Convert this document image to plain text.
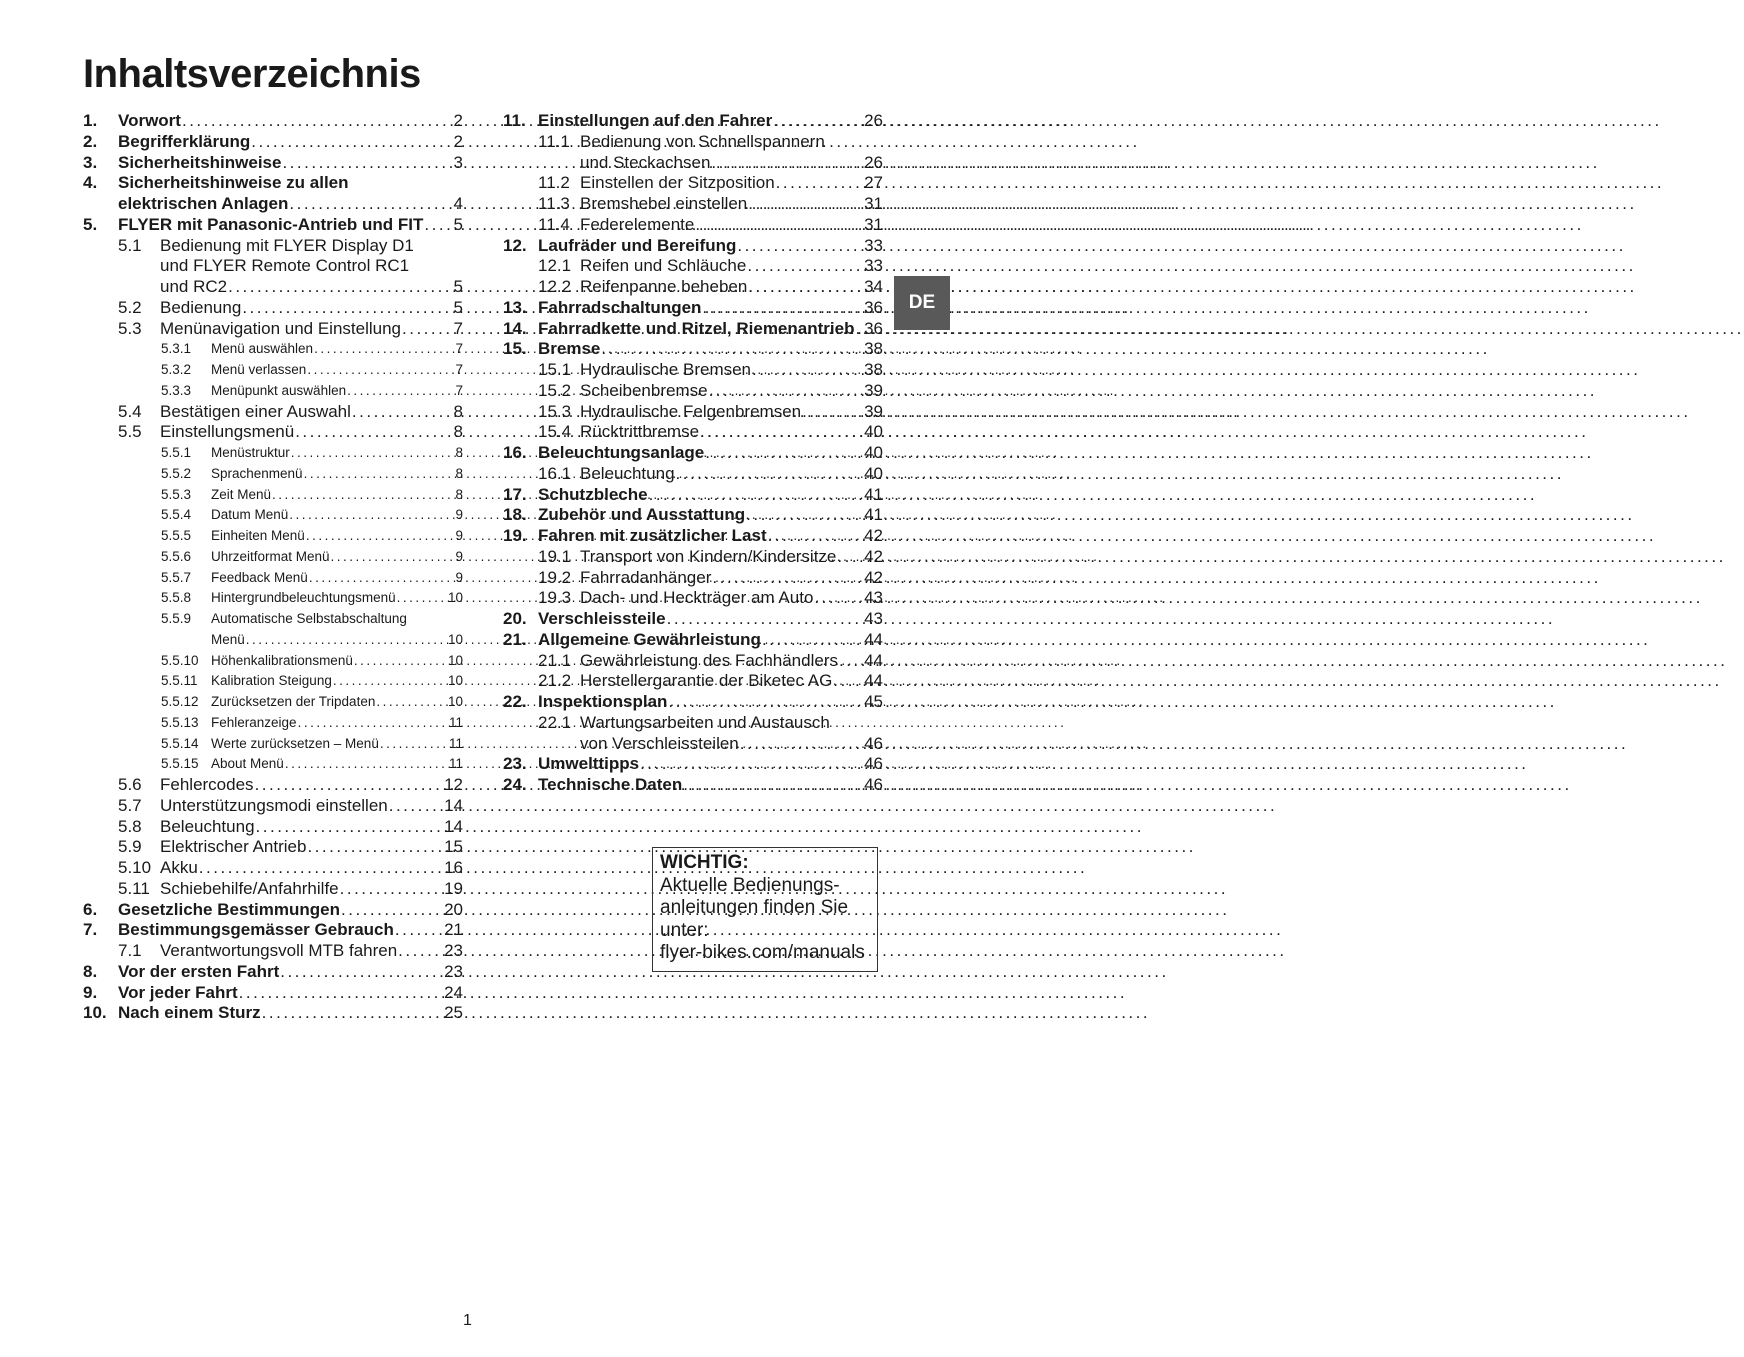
Inhaltsverzeichnis
1.	Vorwort .....	2
2.	Begrifferklärung .....	2
3.	Sicherheitshinweise .....	3
4.	Sicherheitshinweise zu allen
elektrischen Anlagen .....	4
5.	FLYER mit Panasonic-Antrieb und FIT ..... 5
5.1	Bedienung mit FLYER Display D1
und FLYER Remote Control RC1
und RC2 .....	5
5.2	Bedienung .....	5
5.3	Menünavigation und Einstellung .....	7
5.3.1	Menü auswählen .....	7
5.3.2	Menü verlassen .....	7
5.3.3	Menüpunkt auswählen .....	7
5.4	Bestätigen einer Auswahl .....	8
5.5	Einstellungsmenü .....	8
5.5.1	Menüstruktur .....	8
5.5.2	Sprachenmenü .....	8
5.5.3	Zeit Menü .....	8
5.5.4	Datum Menü .....	9
5.5.5	Einheiten Menü .....	9
5.5.6	Uhrzeitformat Menü .....	9
5.5.7	Feedback Menü .....	9
5.5.8	Hintergrundbeleuchtungsmenü .....	10
5.5.9	Automatische Selbstabschaltung
Menü .....	10
5.5.10 Höhenkalibrationsmenü .....	10
5.5.11 Kalibration Steigung .....	10
5.5.12 Zurücksetzen der Tripdaten .....	10
5.5.13 Fehleranzeige .....	11
5.5.14 Werte zurücksetzen – Menü .....	11
5.5.15 About Menü .....	11
5.6	Fehlercodes .....	12
5.7	Unterstützungsmodi einstellen .....	14
5.8	Beleuchtung .....	14
5.9	Elektrischer Antrieb .....	15
5.10 Akku .....	16
5.11 Schiebehilfe/Anfahrhilfe .....	19
6.	Gesetzliche Bestimmungen .....	20
7.	Bestimmungsgemässer Gebrauch .....	21
7.1	Verantwortungsvoll MTB fahren .....	23
8.	Vor der ersten Fahrt .....	23
9.	Vor jeder Fahrt .....	24
10. Nach einem Sturz .....	25
11. Einstellungen auf den Fahrer .....	26
11.1 Bedienung von Schnellspannern
und Steckachsen .....	26
11.2 Einstellen der Sitzposition .....	27
11.3 Bremshebel einstellen .....	31
11.4 Federelemente .....	31
12. Laufräder und Bereifung .....	33
12.1 Reifen und Schläuche .....	33
12.2 Reifenpanne beheben .....	34
13. Fahrradschaltungen .....	36
14. Fahrradkette und Ritzel, Riemenantrieb ..... 36
15. Bremse .....	38
15.1 Hydraulische Bremsen .....	38
15.2 Scheibenbremse .....	39
15.3 Hydraulische Felgenbremsen .....	39
15.4 Rücktrittbremse .....	40
16. Beleuchtungsanlage .....	40
16.1 Beleuchtung .....	40
17. Schutzbleche .....	41
18. Zubehör und Ausstattung .....	41
19. Fahren mit zusätzlicher Last .....	42
19.1 Transport von Kindern/Kindersitze ..... 42
19.2 Fahrradanhänger .....	42
19.3 Dach- und Heckträger am Auto .....	43
20. Verschleissteile .....	43
21. Allgemeine Gewährleistung .....	44
21.1 Gewährleistung des Fachhändlers ..... 44
21.2 Herstellergarantie der Biketec AG ..... 44
22. Inspektionsplan .....	45
22.1 Wartungsarbeiten und Austausch
von Verschleissteilen .....	46
23. Umwelttipps .....	46
24. Technische Daten .....	46
DE
WICHTIG:
Aktuelle Bedienungs-
anleitungen finden Sie
unter:
flyer-bikes.com/manuals
1
